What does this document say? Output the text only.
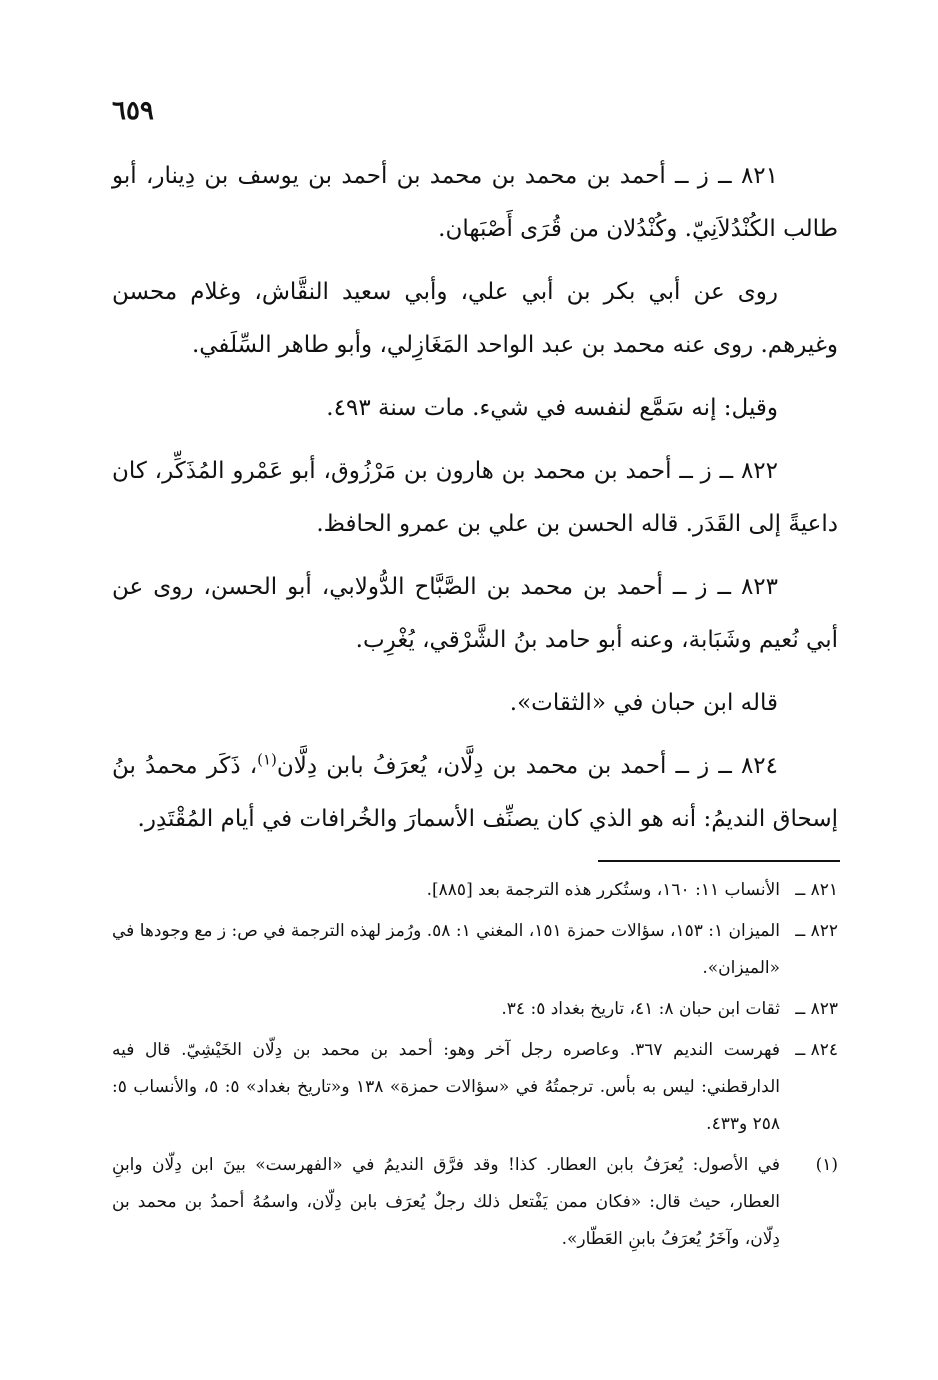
٦٥٩

٨٢١ ــ ز ــ أحمد بن محمد بن محمد بن أحمد بن يوسف بن دِينار، أبو طالب الكُنْدُلاَنِيّ. وكُنْدُلان من قُرَى أَصْبَهان.

روى عن أبي بكر بن أبي علي، وأبي سعيد النقَّاش، وغلام محسن وغيرهم. روى عنه محمد بن عبد الواحد المَغَازِلي، وأبو طاهر السِّلَفي.

وقيل: إنه سَمَّع لنفسه في شيء. مات سنة ٤٩٣.

٨٢٢ ــ ز ــ أحمد بن محمد بن هارون بن مَرْزُوق، أبو عَمْرو المُذَكِّر، كان داعيةً إلى القَدَر. قاله الحسن بن علي بن عمرو الحافظ.

٨٢٣ ــ ز ــ أحمد بن محمد بن الصَّبَّاح الدُّولابي، أبو الحسن، روى عن أبي نُعيم وشَبَابة، وعنه أبو حامد بنُ الشَّرْقي، يُغْرِب.

قاله ابن حبان في «الثقات».

٨٢٤ ــ ز ــ أحمد بن محمد بن دِلَّان، يُعرَفُ بابن دِلَّان$^{(١)}$، ذَكَر محمدُ بنُ إسحاق النديمُ: أنه هو الذي كان يصنِّف الأسمارَ والخُرافات في أيام المُقْتَدِر.

٨٢١ ــ
الأنساب ١١: ١٦٠، وستُكرر هذه الترجمة بعد [٨٨٥].
٨٢٢ ــ
الميزان ١: ١٥٣، سؤالات حمزة ١٥١، المغني ١: ٥٨. ورُمز لهذه الترجمة في ص: ز مع وجودها في «الميزان».
٨٢٣ ــ
ثقات ابن حبان ٨: ٤١، تاريخ بغداد ٥: ٣٤.
٨٢٤ ــ
فهرست النديم ٣٦٧. وعاصره رجل آخر وهو: أحمد بن محمد بن دِلّان الخَيْشِيّ. قال فيه الدارقطني: ليس به بأس. ترجمتُهُ في «سؤالات حمزة» ١٣٨ و«تاريخ بغداد» ٥: ٥، والأنساب ٥: ٢٥٨ و٤٣٣.
(١)
في الأصول: يُعرَفُ بابن العطار. كذا! وقد فرَّق النديمُ في «الفهرست» بينَ ابن دِلّان وابنِ العطار، حيث قال: «فكان ممن يَفْتعل ذلك رجلٌ يُعرَف بابن دِلّان، واسمُهُ أحمدُ بن محمد بن دِلّان، وآخَرُ يُعرَفُ بابنِ العَطّار».
